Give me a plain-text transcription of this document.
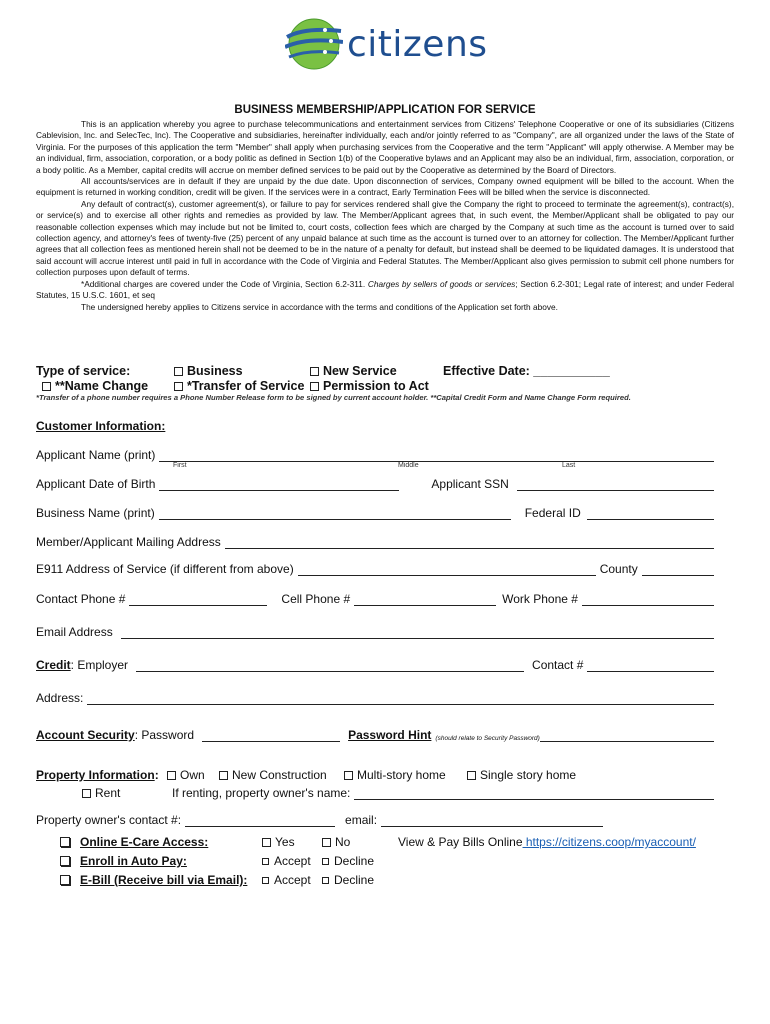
citizens
BUSINESS MEMBERSHIP/APPLICATION FOR SERVICE

This is an application whereby you agree to purchase telecommunications and entertainment services from Citizens' Telephone Cooperative or one of its subsidiaries (Citizens Cablevision, Inc. and SelecTec, Inc). The Cooperative and subsidiaries, hereinafter individually, each and/or jointly referred to as "Company", are all organized under the laws of the State of Virginia. For the purposes of this application the term "Member" shall apply when purchasing services from the Cooperative and the term "Applicant" will apply otherwise. A Member may be an individual, firm, association, corporation, or a body politic as defined in Section 1(b) of the Cooperative bylaws and an Applicant may also be an individual, firm, association, corporation, or a body politic. As a Member, capital credits will accrue on member defined services to be paid out by the Cooperative as determined by the Board of Directors.

All accounts/services are in default if they are unpaid by the due date. Upon disconnection of services, Company owned equipment will be billed to the account. When the equipment is returned in working condition, credit will be given. If the services were in a contract, Early Termination Fees will be billed when the service is disconnected.

Any default of contract(s), customer agreement(s), or failure to pay for services rendered shall give the Company the right to proceed to terminate the agreement(s), contract(s), or service(s) and to exercise all other rights and remedies as provided by law. The Member/Applicant agrees that, in such event, the Member/Applicant shall be obligated to pay our reasonable collection expenses which may include but not be limited to, court costs, collection fees which are charged by the Company at such time as the account is turned over to said collection agency, and attorney's fees of twenty-five (25) percent of any unpaid balance at such time as the account is turned over to an attorney for collection. The Member/Applicant further agrees that all collection fees as mentioned herein shall not be deemed to be in the nature of a penalty for default, but instead shall be deemed to be liquidated damages. It is understood that said account will accrue interest until paid in full in accordance with the Code of Virginia and Federal Statutes. The Member/Applicant also gives permission to submit cell phone numbers for collection purposes upon default of terms.

*Additional charges are covered under the Code of Virginia, Section 6.2-311. Charges by sellers of goods or services; Section 6.2-301; Legal rate of interest; and under Federal Statutes, 15 U.S.C. 1601, et seq

The undersigned hereby applies to Citizens service in accordance with the terms and conditions of the Application set forth above.

Type of service:	Business	New Service	Effective Date: ___________
**Name Change	*Transfer of Service	Permission to Act
*Transfer of a phone number requires a Phone Number Release form to be signed by current account holder. **Capital Credit Form and Name Change Form required.
Customer Information:
Applicant Name (print)
First	Middle	Last
Applicant Date of Birth	Applicant SSN
Business Name (print)	Federal ID
Member/Applicant Mailing Address
E911 Address of Service (if different from above)	County
Contact Phone #	Cell Phone #	Work Phone #
Email Address
Credit : Employer	Contact #
Address:
Account Security : Password	Password Hint (should relate to Security Password)
Property Information:	Own	New Construction	Multi-story home	Single story home
Rent	If renting, property owner's name:
Property owner's contact #:	email:
Online E-Care Access:	Yes	No	View & Pay Bills Online https://citizens.coop/myaccount/
Enroll in Auto Pay:	Accept	Decline
E-Bill (Receive bill via Email):	Accept	Decline
